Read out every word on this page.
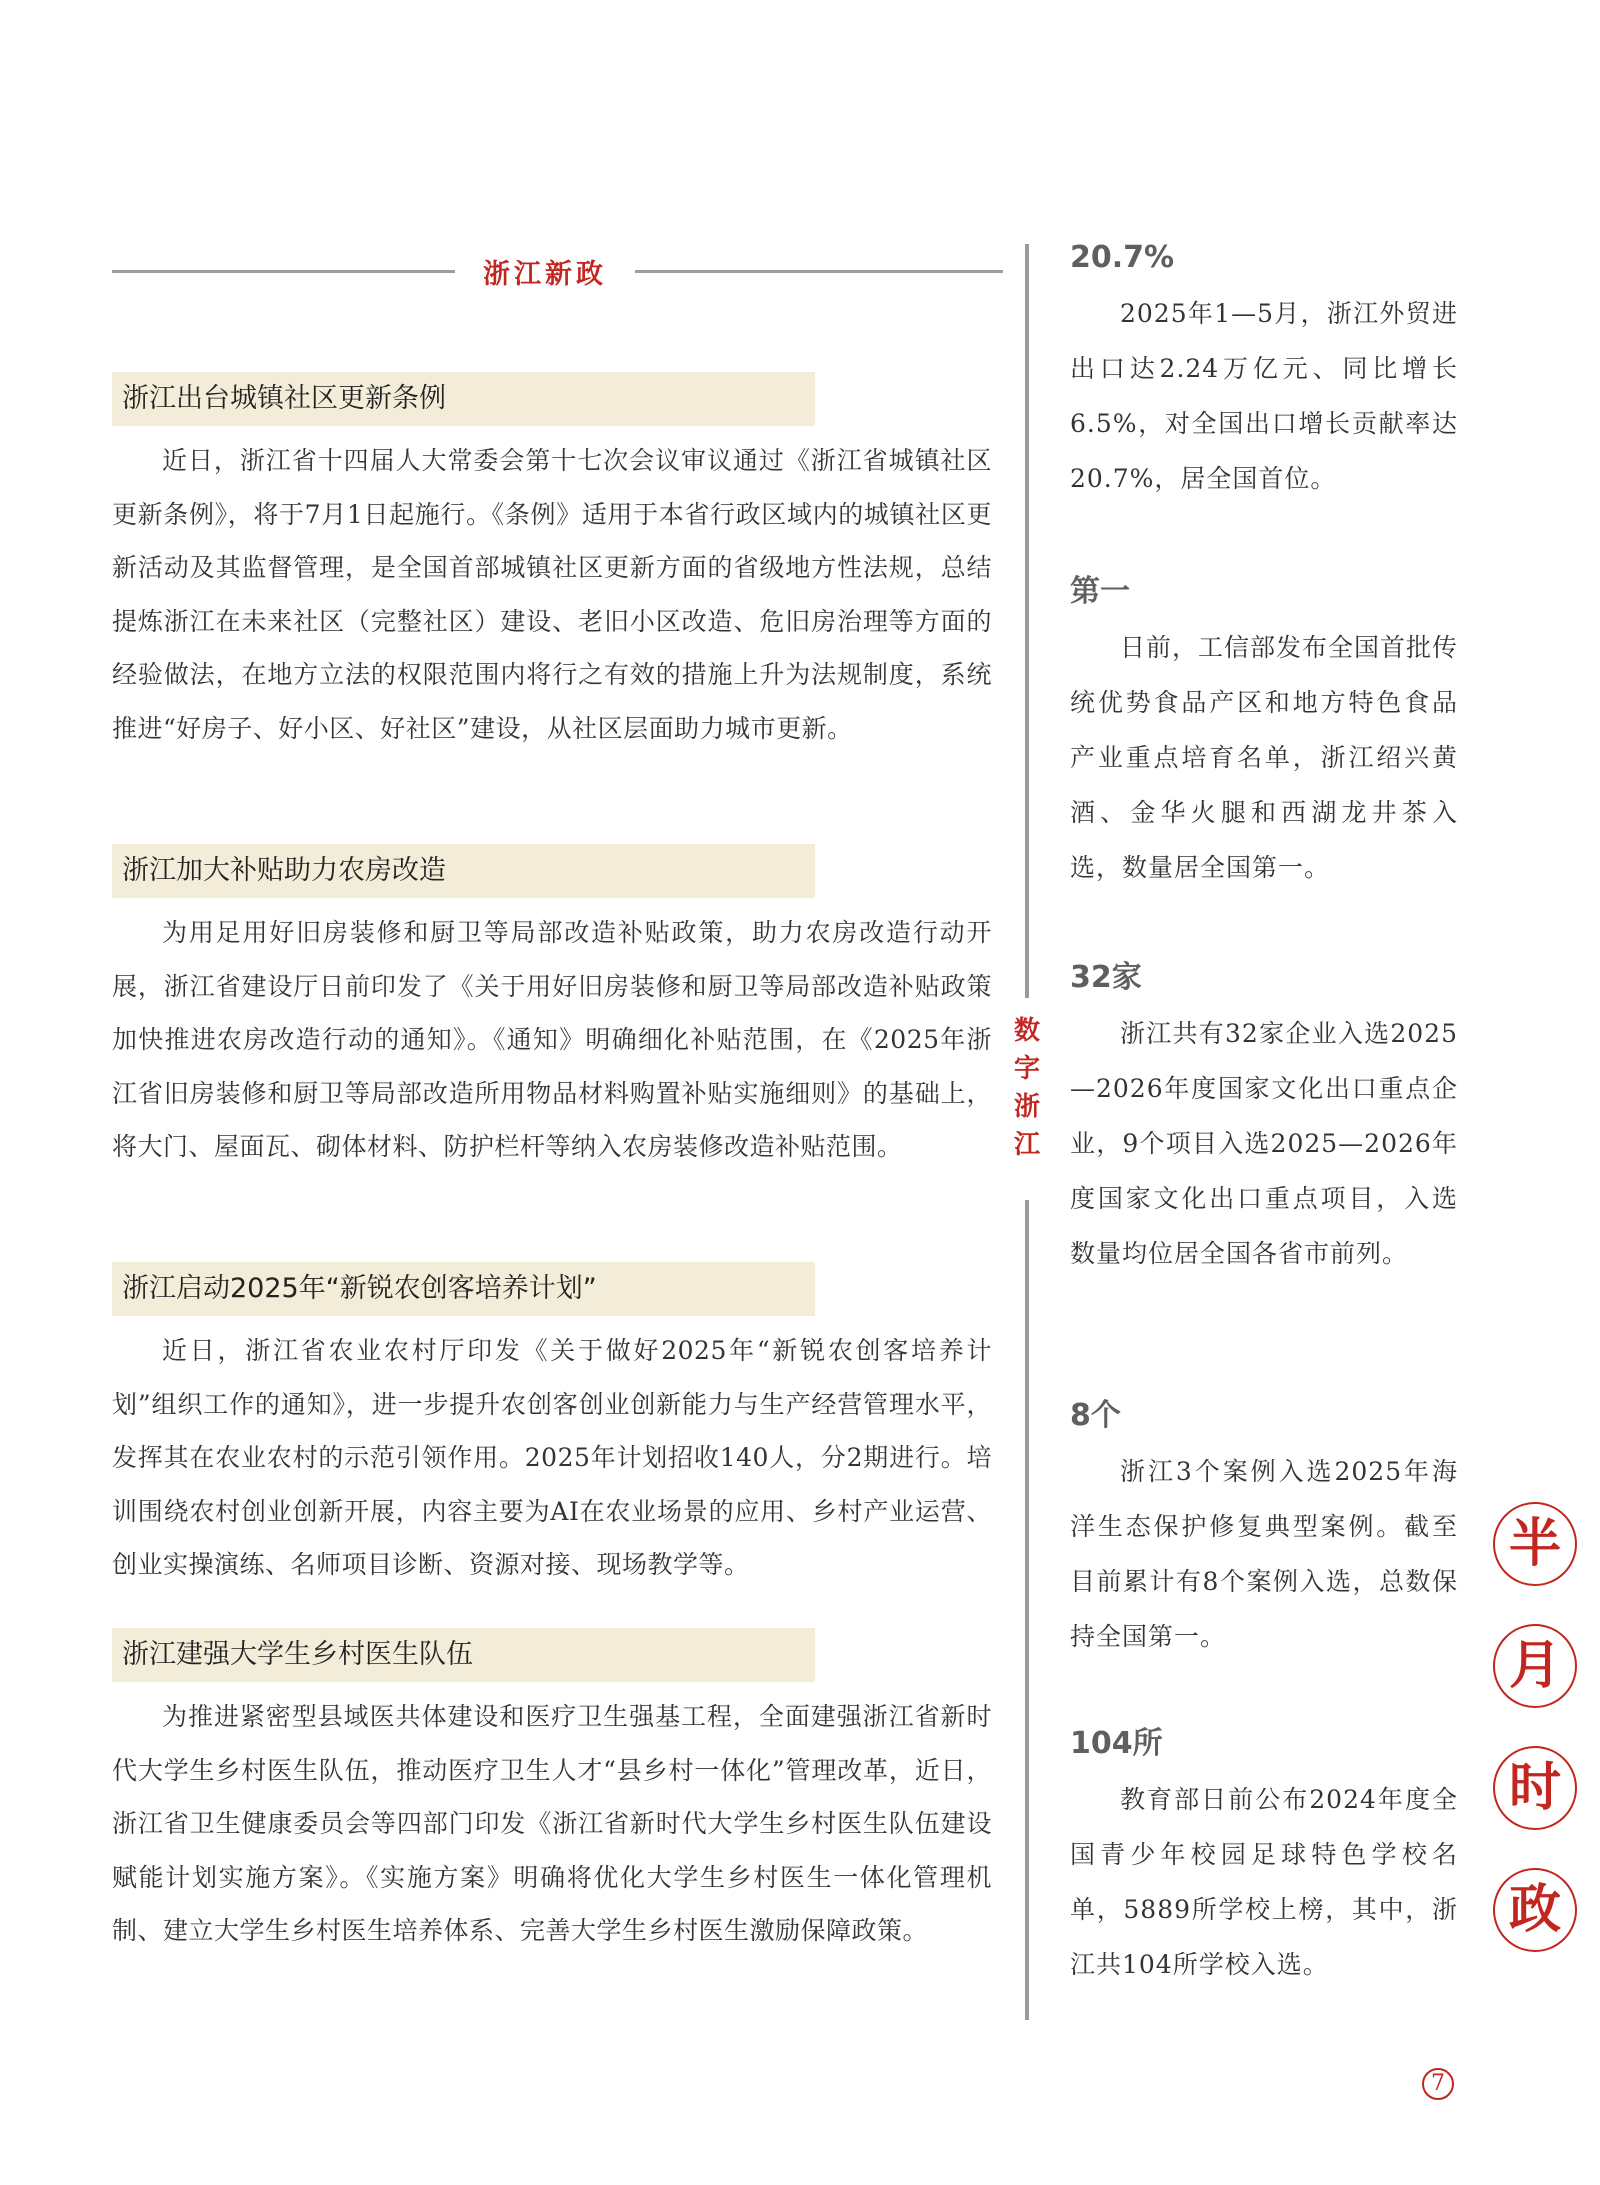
浙江新政
浙江出台城镇社区更新条例
近日，浙江省十四届人大常委会第十七次会议审议通过《浙江省城镇社区更新条例》，将于7月1日起施行。《条例》适用于本省行政区域内的城镇社区更新活动及其监督管理，是全国首部城镇社区更新方面的省级地方性法规，总结提炼浙江在未来社区（完整社区）建设、老旧小区改造、危旧房治理等方面的经验做法，在地方立法的权限范围内将行之有效的措施上升为法规制度，系统推进“好房子、好小区、好社区”建设，从社区层面助力城市更新。
浙江加大补贴助力农房改造
为用足用好旧房装修和厨卫等局部改造补贴政策，助力农房改造行动开展，浙江省建设厅日前印发了《关于用好旧房装修和厨卫等局部改造补贴政策 加快推进农房改造行动的通知》。《通知》明确细化补贴范围，在《2025年浙江省旧房装修和厨卫等局部改造所用物品材料购置补贴实施细则》的基础上，将大门、屋面瓦、砌体材料、防护栏杆等纳入农房装修改造补贴范围。
浙江启动2025年“新锐农创客培养计划”
近日，浙江省农业农村厅印发《关于做好2025年“新锐农创客培养计划”组织工作的通知》，进一步提升农创客创业创新能力与生产经营管理水平，发挥其在农业农村的示范引领作用。2025年计划招收140人，分2期进行。培训围绕农村创业创新开展，内容主要为AI在农业场景的应用、乡村产业运营、创业实操演练、名师项目诊断、资源对接、现场教学等。
浙江建强大学生乡村医生队伍
为推进紧密型县域医共体建设和医疗卫生强基工程，全面建强浙江省新时代大学生乡村医生队伍，推动医疗卫生人才“县乡村一体化”管理改革，近日，浙江省卫生健康委员会等四部门印发《浙江省新时代大学生乡村医生队伍建设赋能计划实施方案》。《实施方案》明确将优化大学生乡村医生一体化管理机制、建立大学生乡村医生培养体系、完善大学生乡村医生激励保障政策。
数字浙江
20.7%
2025年1—5月，浙江外贸进出口达2.24万亿元、同比增长6.5%，对全国出口增长贡献率达20.7%，居全国首位。
第一
日前，工信部发布全国首批传统优势食品产区和地方特色食品产业重点培育名单，浙江绍兴黄酒、金华火腿和西湖龙井茶入选，数量居全国第一。
32家
浙江共有32家企业入选2025—2026年度国家文化出口重点企业，9个项目入选2025—2026年度国家文化出口重点项目，入选数量均位居全国各省市前列。
8个
浙江3个案例入选2025年海洋生态保护修复典型案例。截至目前累计有8个案例入选，总数保持全国第一。
104所
教育部日前公布2024年度全国青少年校园足球特色学校名单，5889所学校上榜，其中，浙江共104所学校入选。
半
月
时
政
7
